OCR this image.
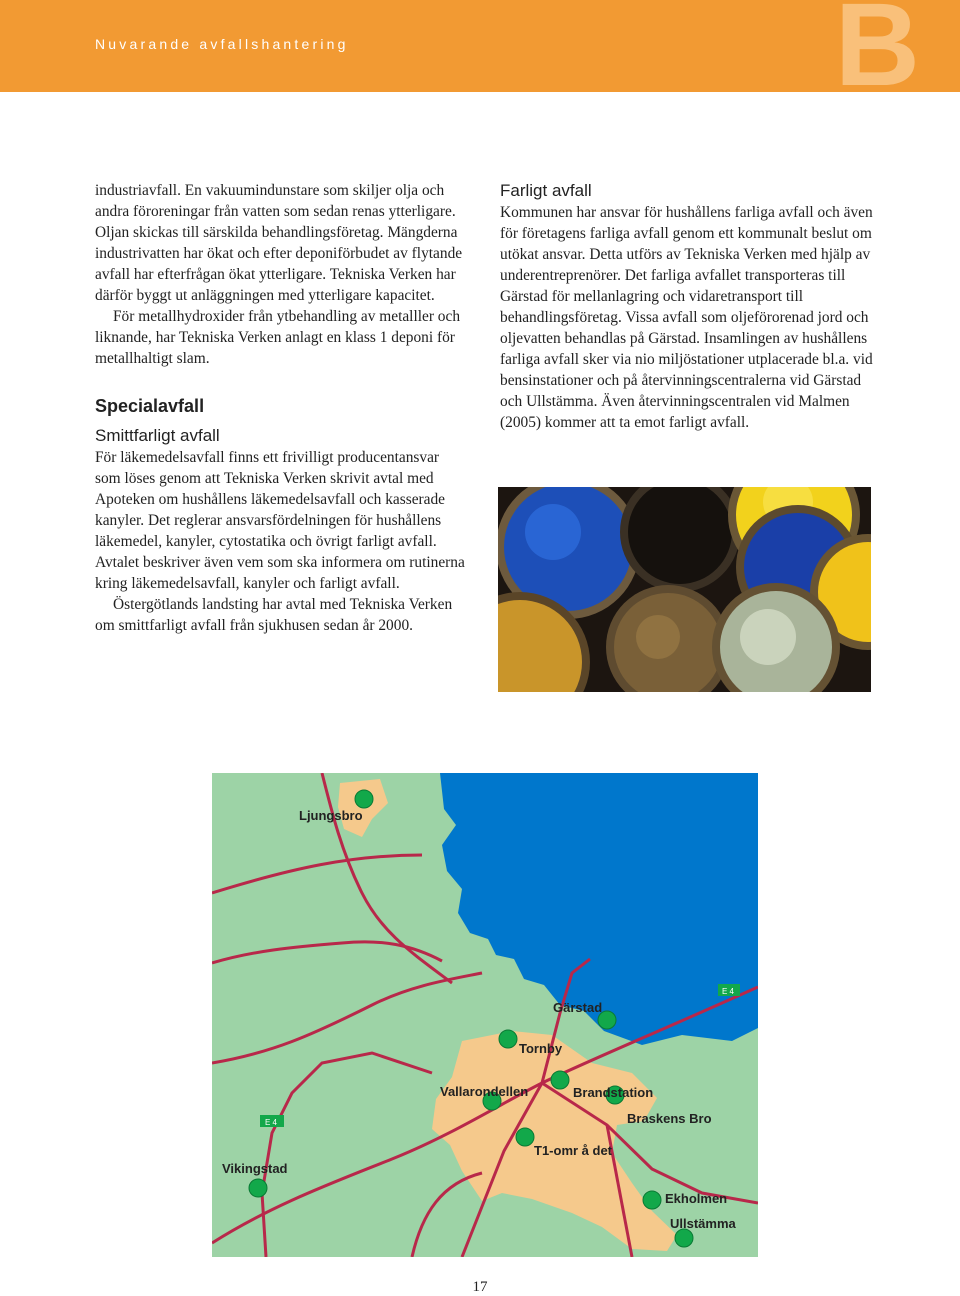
Nuvarande avfallshantering	B

industriavfall. En vakuumindunstare som skiljer olja och andra föroreningar från vatten som sedan renas ytterligare. Oljan skickas till särskilda behandlingsföretag. Mängderna industrivatten har ökat och efter deponiförbudet av flytande avfall har efterfrågan ökat ytterligare. Tekniska Verken har därför byggt ut anläggningen med ytterligare kapacitet.

För metallhydroxider från ytbehandling av metalller och liknande, har Tekniska Verken anlagt en klass 1 deponi för metallhaltigt slam.

Specialavfall
Smittfarligt avfall

För läkemedelsavfall finns ett frivilligt producentansvar som löses genom att Tekniska Verken skrivit avtal med Apoteken om hushållens läkemedelsavfall och kasserade kanyler. Det reglerar ansvarsfördelningen för hushållens läkemedel, kanyler, cytostatika och övrigt farligt avfall. Avtalet beskriver även vem som ska informera om rutinerna kring läkemedelsavfall, kanyler och farligt avfall.

Östergötlands landsting har avtal med Tekniska Verken om smittfarligt avfall från sjukhusen sedan år 2000.

Farligt avfall

Kommunen har ansvar för hushållens farliga avfall och även för företagens farliga avfall genom ett kommunalt beslut om utökat ansvar. Detta utförs av Tekniska Verken med hjälp av underentreprenörer. Det farliga avfallet transporteras till Gärstad för mellanlagring och vidaretransport till behandlingsföretag. Vissa avfall som oljeförorenad jord och oljevatten behandlas på Gärstad. Insamlingen av hushållens farliga avfall sker via nio miljöstationer utplacerade bl.a. vid bensinstationer och på återvinningscentralerna vid Gärstad och Ullstämma. Även återvinningscentralen vid Malmen (2005) kommer att ta emot farligt avfall.

E 4
E 4
Ljungsbro
Gärstad
Tornby
Vallarondellen	Brandstation
Braskens Bro
T1-omr å det
Vikingstad
Ekholmen
Ullstämma
17
